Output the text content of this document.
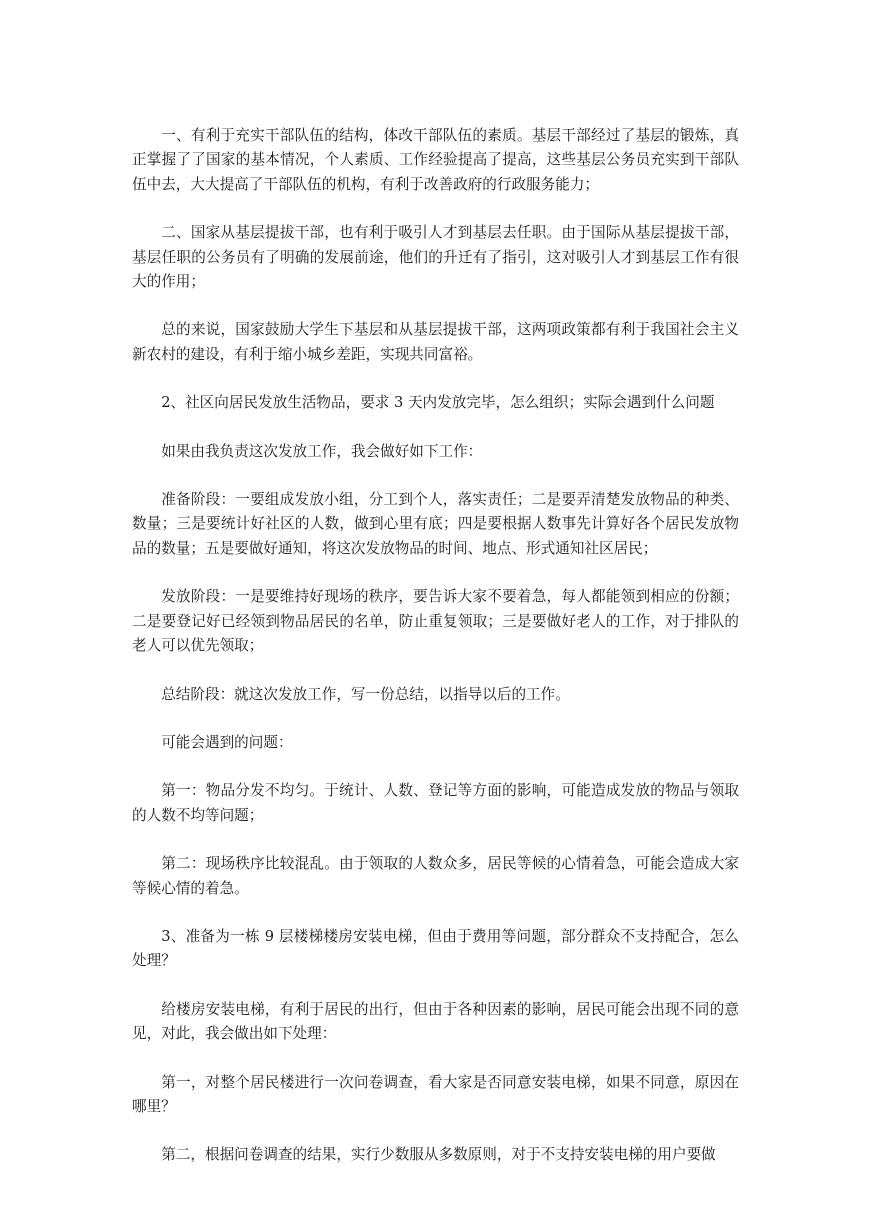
一、有利于充实干部队伍的结构，体改干部队伍的素质。基层干部经过了基层的锻炼，真正掌握了了国家的基本情况，个人素质、工作经验提高了提高，这些基层公务员充实到干部队伍中去，大大提高了干部队伍的机构，有利于改善政府的行政服务能力；

二、国家从基层提拔干部，也有利于吸引人才到基层去任职。由于国际从基层提拔干部，基层任职的公务员有了明确的发展前途，他们的升迁有了指引，这对吸引人才到基层工作有很大的作用；

总的来说，国家鼓励大学生下基层和从基层提拔干部，这两项政策都有利于我国社会主义新农村的建设，有利于缩小城乡差距，实现共同富裕。

2、社区向居民发放生活物品，要求 3 天内发放完毕，怎么组织；实际会遇到什么问题

如果由我负责这次发放工作，我会做好如下工作：

准备阶段：一要组成发放小组，分工到个人，落实责任；二是要弄清楚发放物品的种类、数量；三是要统计好社区的人数，做到心里有底；四是要根据人数事先计算好各个居民发放物品的数量；五是要做好通知，将这次发放物品的时间、地点、形式通知社区居民；

发放阶段：一是要维持好现场的秩序，要告诉大家不要着急，每人都能领到相应的份额；二是要登记好已经领到物品居民的名单，防止重复领取；三是要做好老人的工作，对于排队的老人可以优先领取；

总结阶段：就这次发放工作，写一份总结，以指导以后的工作。

可能会遇到的问题：

第一：物品分发不均匀。于统计、人数、登记等方面的影响，可能造成发放的物品与领取的人数不均等问题；

第二：现场秩序比较混乱。由于领取的人数众多，居民等候的心情着急，可能会造成大家等候心情的着急。

3、准备为一栋 9 层楼梯楼房安装电梯，但由于费用等问题，部分群众不支持配合，怎么处理？

给楼房安装电梯，有利于居民的出行，但由于各种因素的影响，居民可能会出现不同的意见，对此，我会做出如下处理：

第一，对整个居民楼进行一次问卷调查，看大家是否同意安装电梯，如果不同意，原因在哪里？

第二，根据问卷调查的结果，实行少数服从多数原则，对于不支持安装电梯的用户要做
